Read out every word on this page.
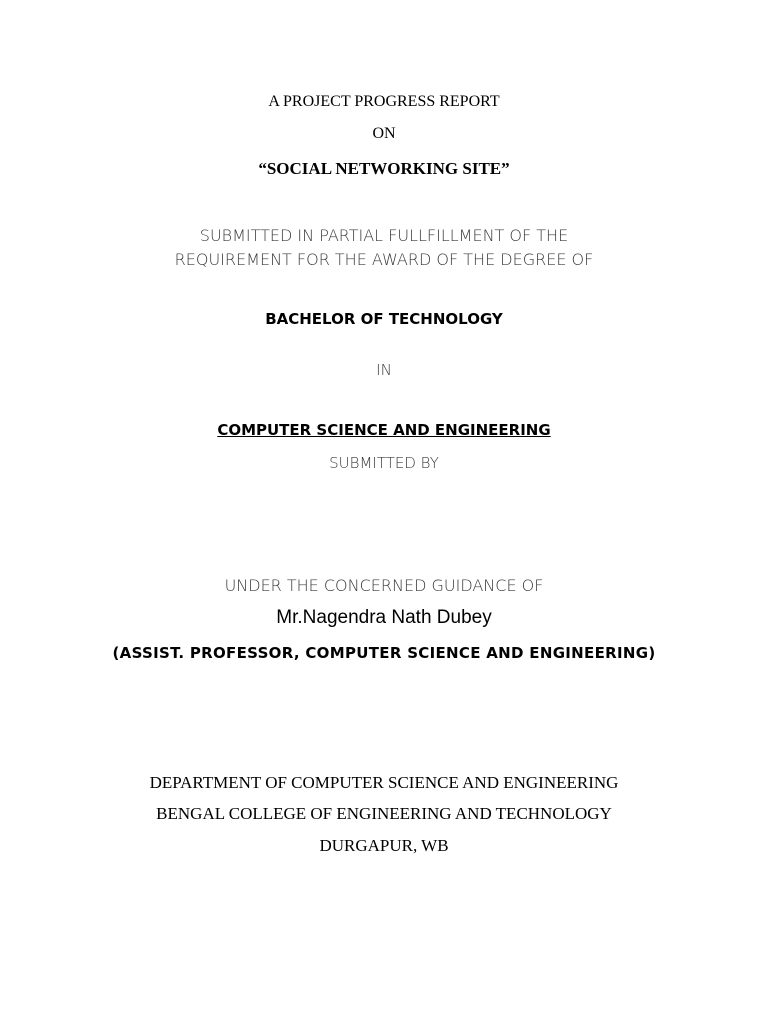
A PROJECT PROGRESS REPORT
ON
“SOCIAL NETWORKING SITE”
SUBMITTED IN PARTIAL FULLFILLMENT OF THE
REQUIREMENT FOR THE AWARD OF THE DEGREE OF
BACHELOR OF TECHNOLOGY
IN
COMPUTER SCIENCE AND ENGINEERING
SUBMITTED BY
UNDER THE CONCERNED GUIDANCE OF
Mr.Nagendra Nath Dubey
(ASSIST. PROFESSOR, COMPUTER SCIENCE AND ENGINEERING)
DEPARTMENT OF COMPUTER SCIENCE AND ENGINEERING
BENGAL COLLEGE OF ENGINEERING AND TECHNOLOGY
DURGAPUR, WB
